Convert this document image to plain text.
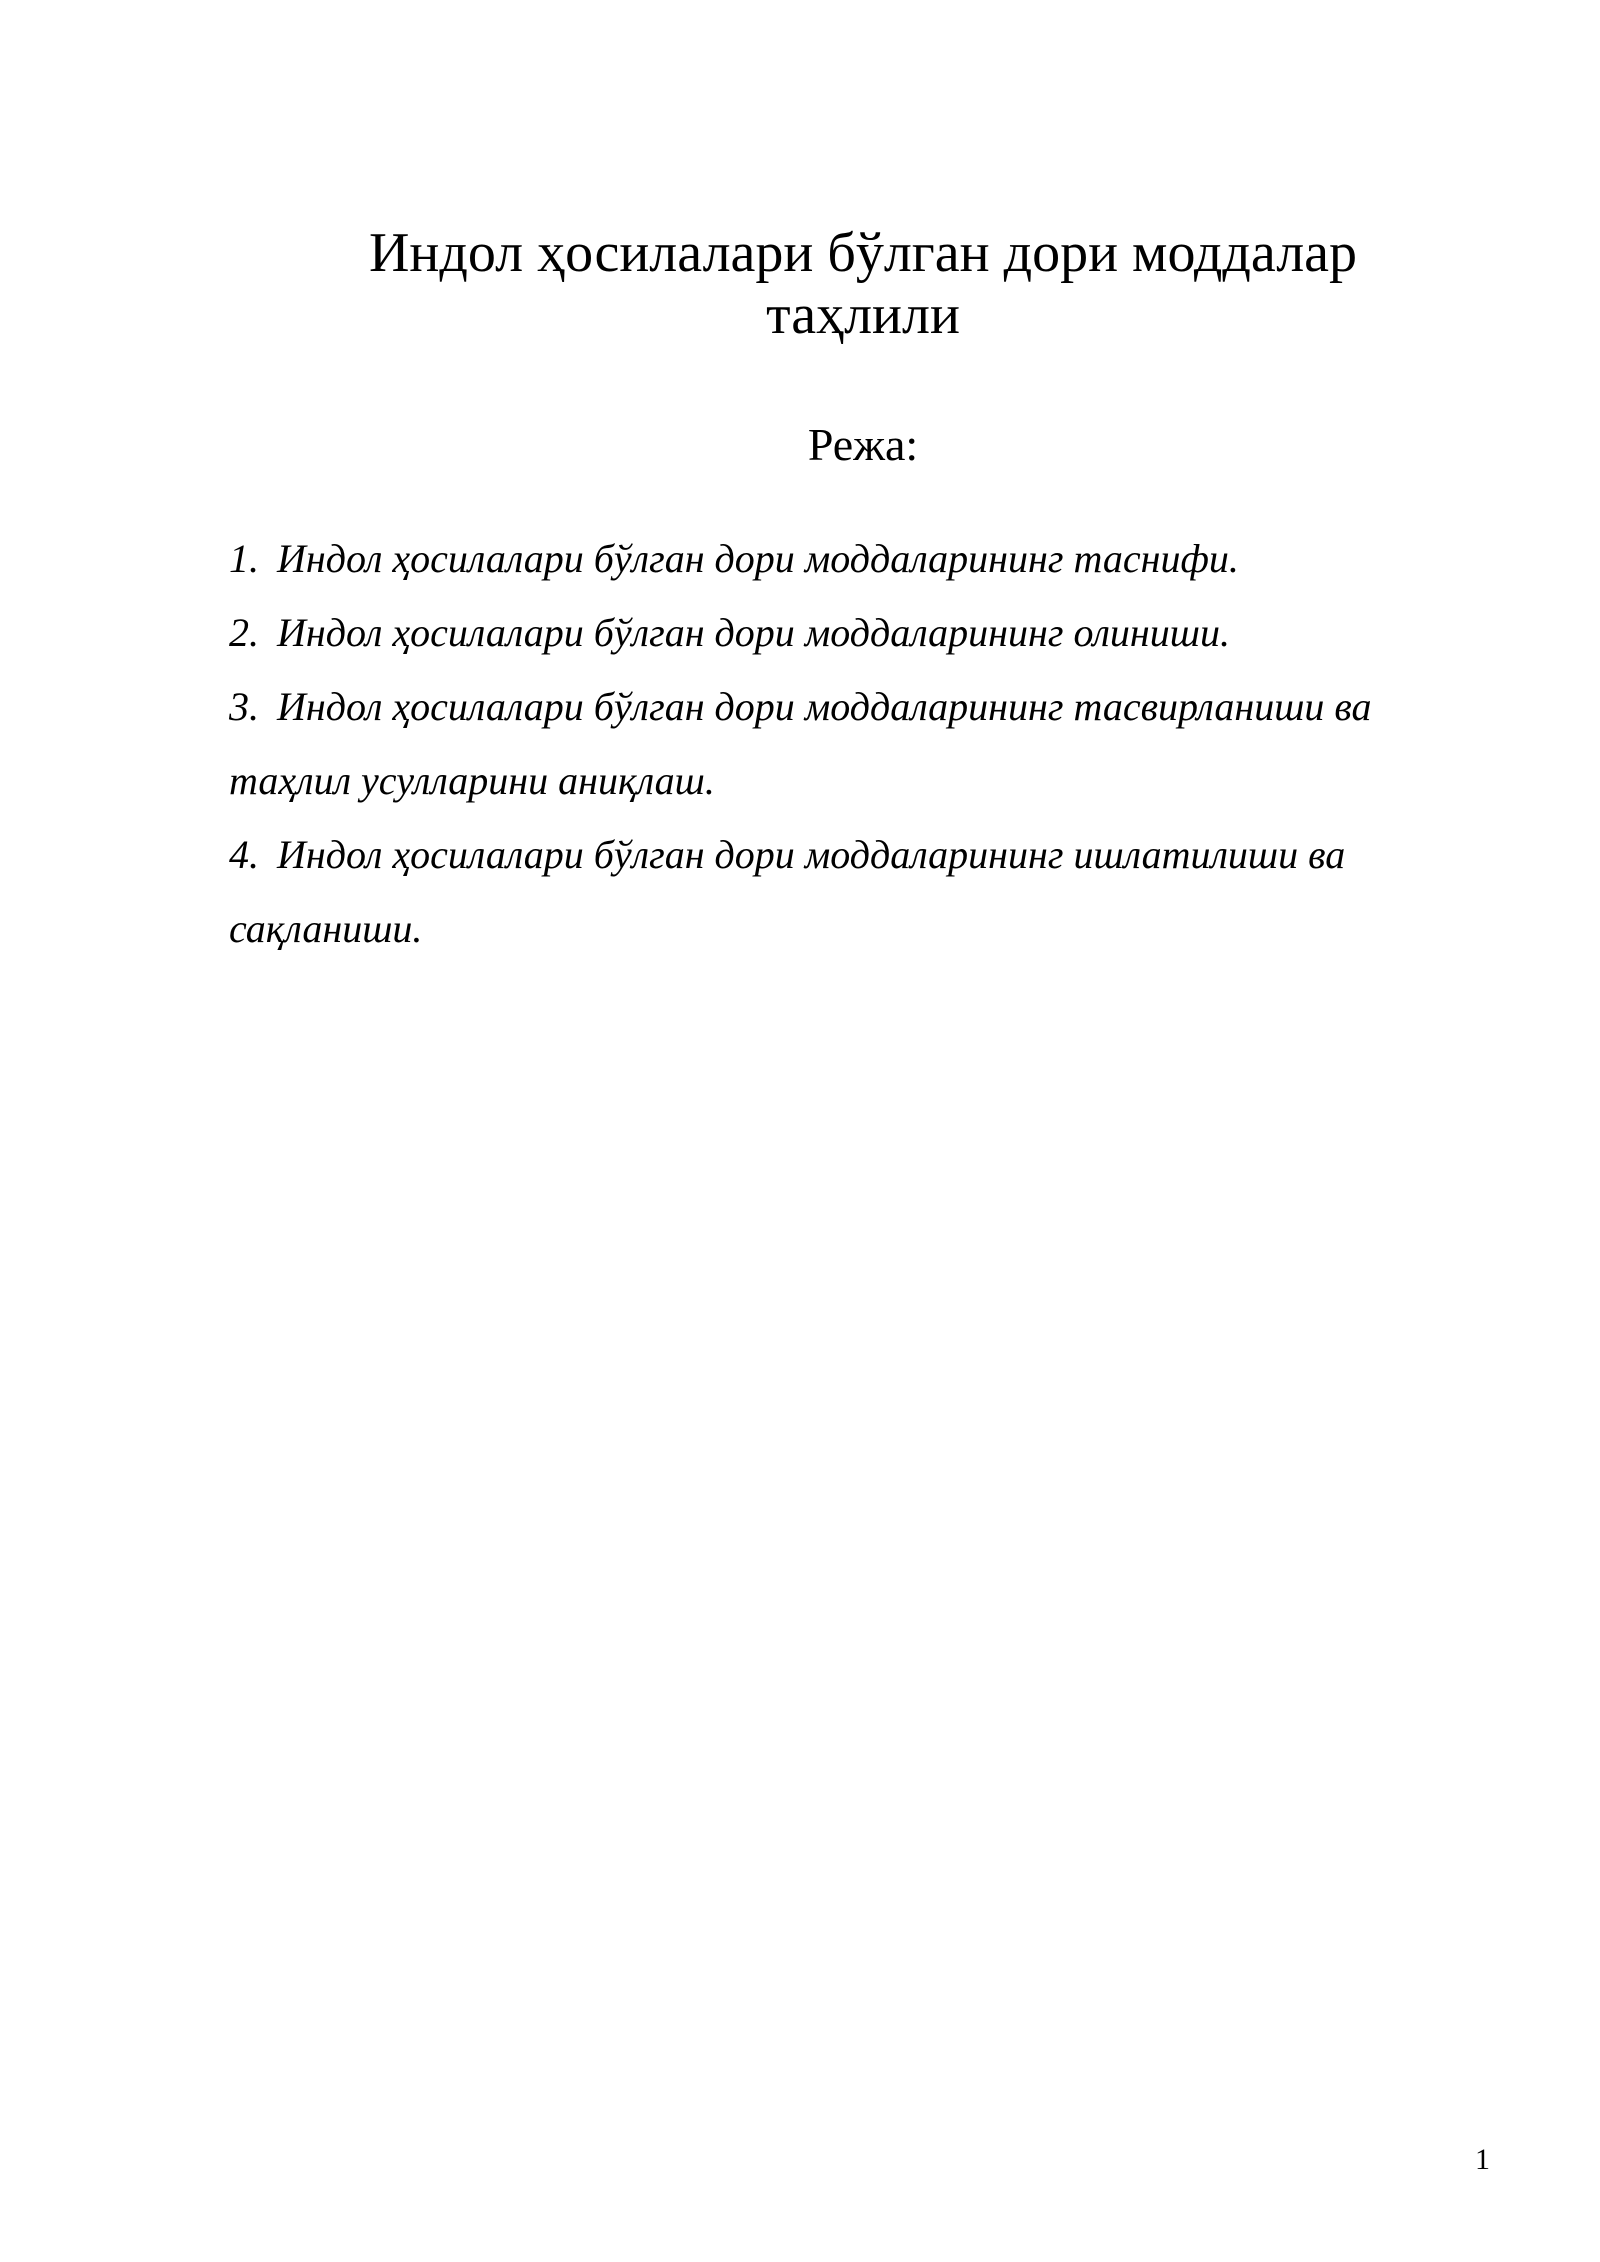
Индол ҳосилалари бўлган дори моддалар
таҳлили

Режа:

1. Индол ҳосилалари бўлган дори моддаларининг таснифи.
2. Индол ҳосилалари бўлган дори моддаларининг олиниши.
3. Индол ҳосилалари бўлган дори моддаларининг тасвирланиши ва
таҳлил усулларини аниқлаш.
4. Индол ҳосилалари бўлган дори моддаларининг ишлатилиши ва
сақланиши.
1
